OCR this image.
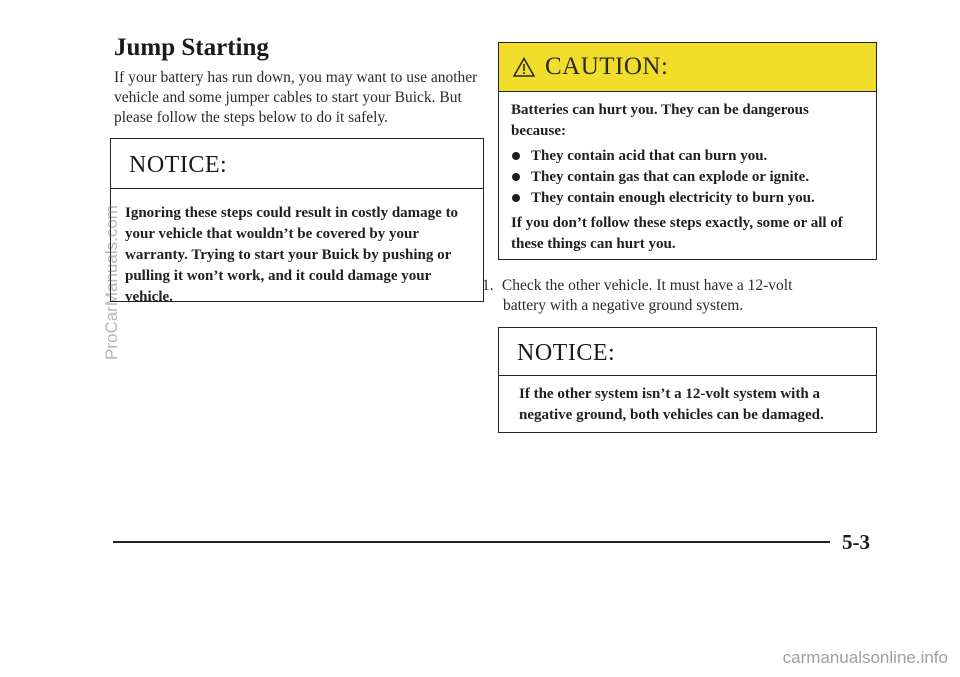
Jump Starting
If your battery has run down, you may want to use another vehicle and some jumper cables to start your Buick. But please follow the steps below to do it safely.
NOTICE:
Ignoring these steps could result in costly damage to your vehicle that wouldn’t be covered by your warranty. Trying to start your Buick by pushing or pulling it won’t work, and it could damage your vehicle.
CAUTION:

Batteries can hurt you. They can be dangerous because:

They contain acid that can burn you.
They contain gas that can explode or ignite.
They contain enough electricity to burn you.

If you don’t follow these steps exactly, some or all of these things can hurt you.

1. Check the other vehicle. It must have a 12-volt
battery with a negative ground system.
NOTICE:
If the other system isn’t a 12-volt system with a negative ground, both vehicles can be damaged.
5-3
ProCarManuals.com
carmanualsonline.info
